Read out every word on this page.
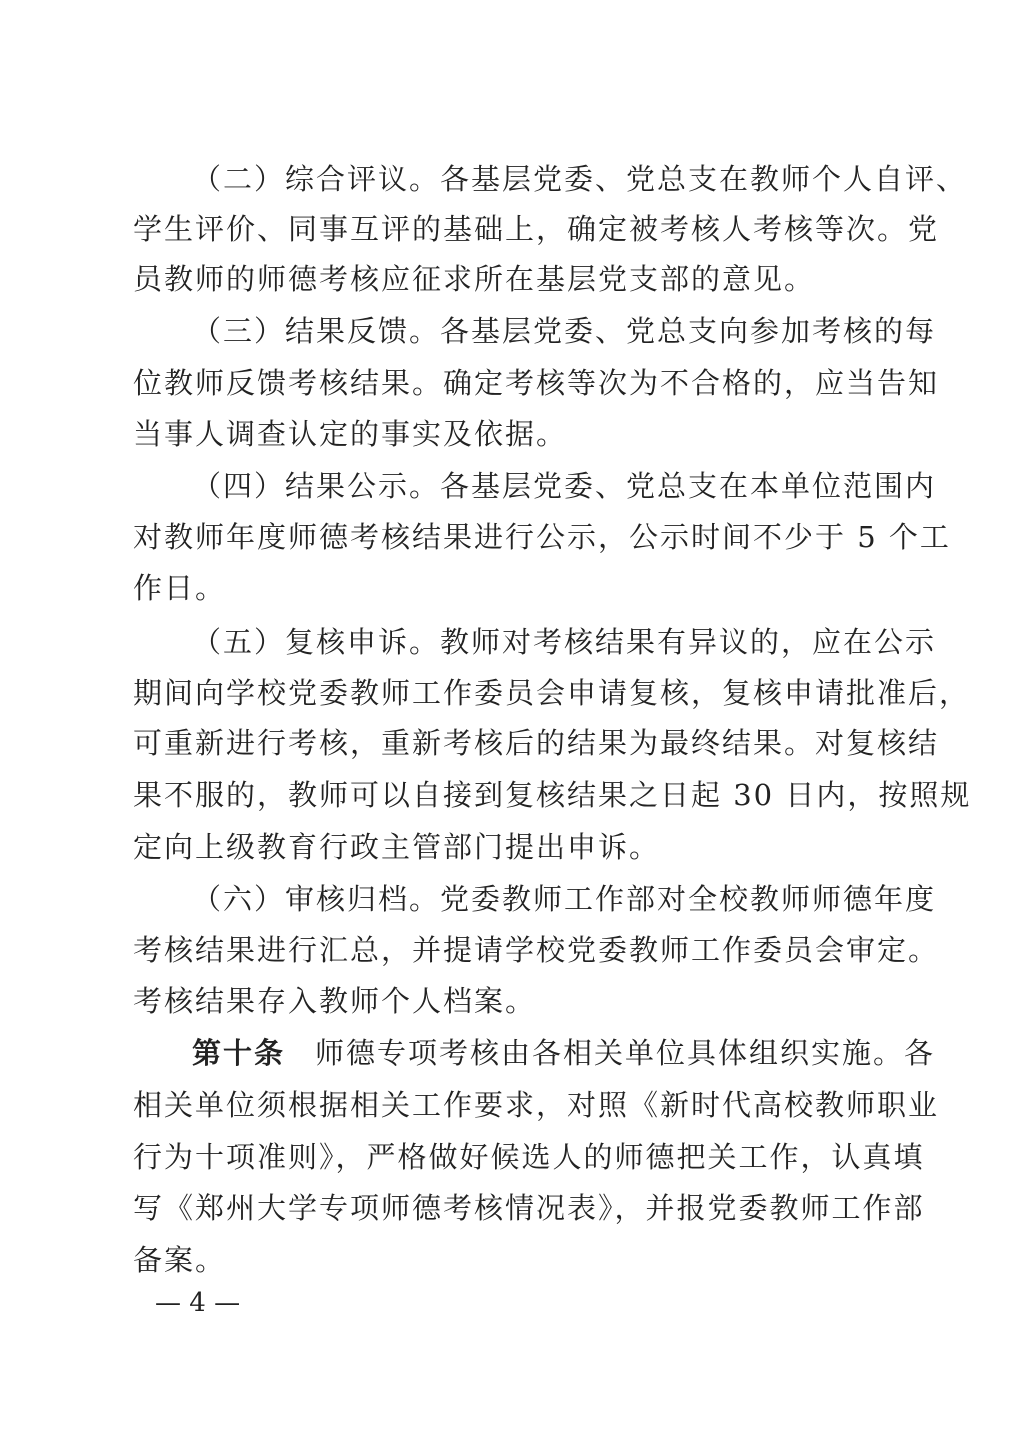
（二）综合评议。各基层党委、党总支在教师个人自评、
学生评价、同事互评的基础上，确定被考核人考核等次。党
员教师的师德考核应征求所在基层党支部的意见。
（三）结果反馈。各基层党委、党总支向参加考核的每
位教师反馈考核结果。确定考核等次为不合格的，应当告知
当事人调查认定的事实及依据。
（四）结果公示。各基层党委、党总支在本单位范围内
对教师年度师德考核结果进行公示，公示时间不少于 5 个工
作日。
（五）复核申诉。教师对考核结果有异议的，应在公示
期间向学校党委教师工作委员会申请复核，复核申请批准后，
可重新进行考核，重新考核后的结果为最终结果。对复核结
果不服的，教师可以自接到复核结果之日起 30 日内，按照规
定向上级教育行政主管部门提出申诉。
（六）审核归档。党委教师工作部对全校教师师德年度
考核结果进行汇总，并提请学校党委教师工作委员会审定。
考核结果存入教师个人档案。
第十条 师德专项考核由各相关单位具体组织实施。各
相关单位须根据相关工作要求，对照《新时代高校教师职业
行为十项准则》，严格做好候选人的师德把关工作，认真填
写《郑州大学专项师德考核情况表》，并报党委教师工作部
备案。
— 4 —
